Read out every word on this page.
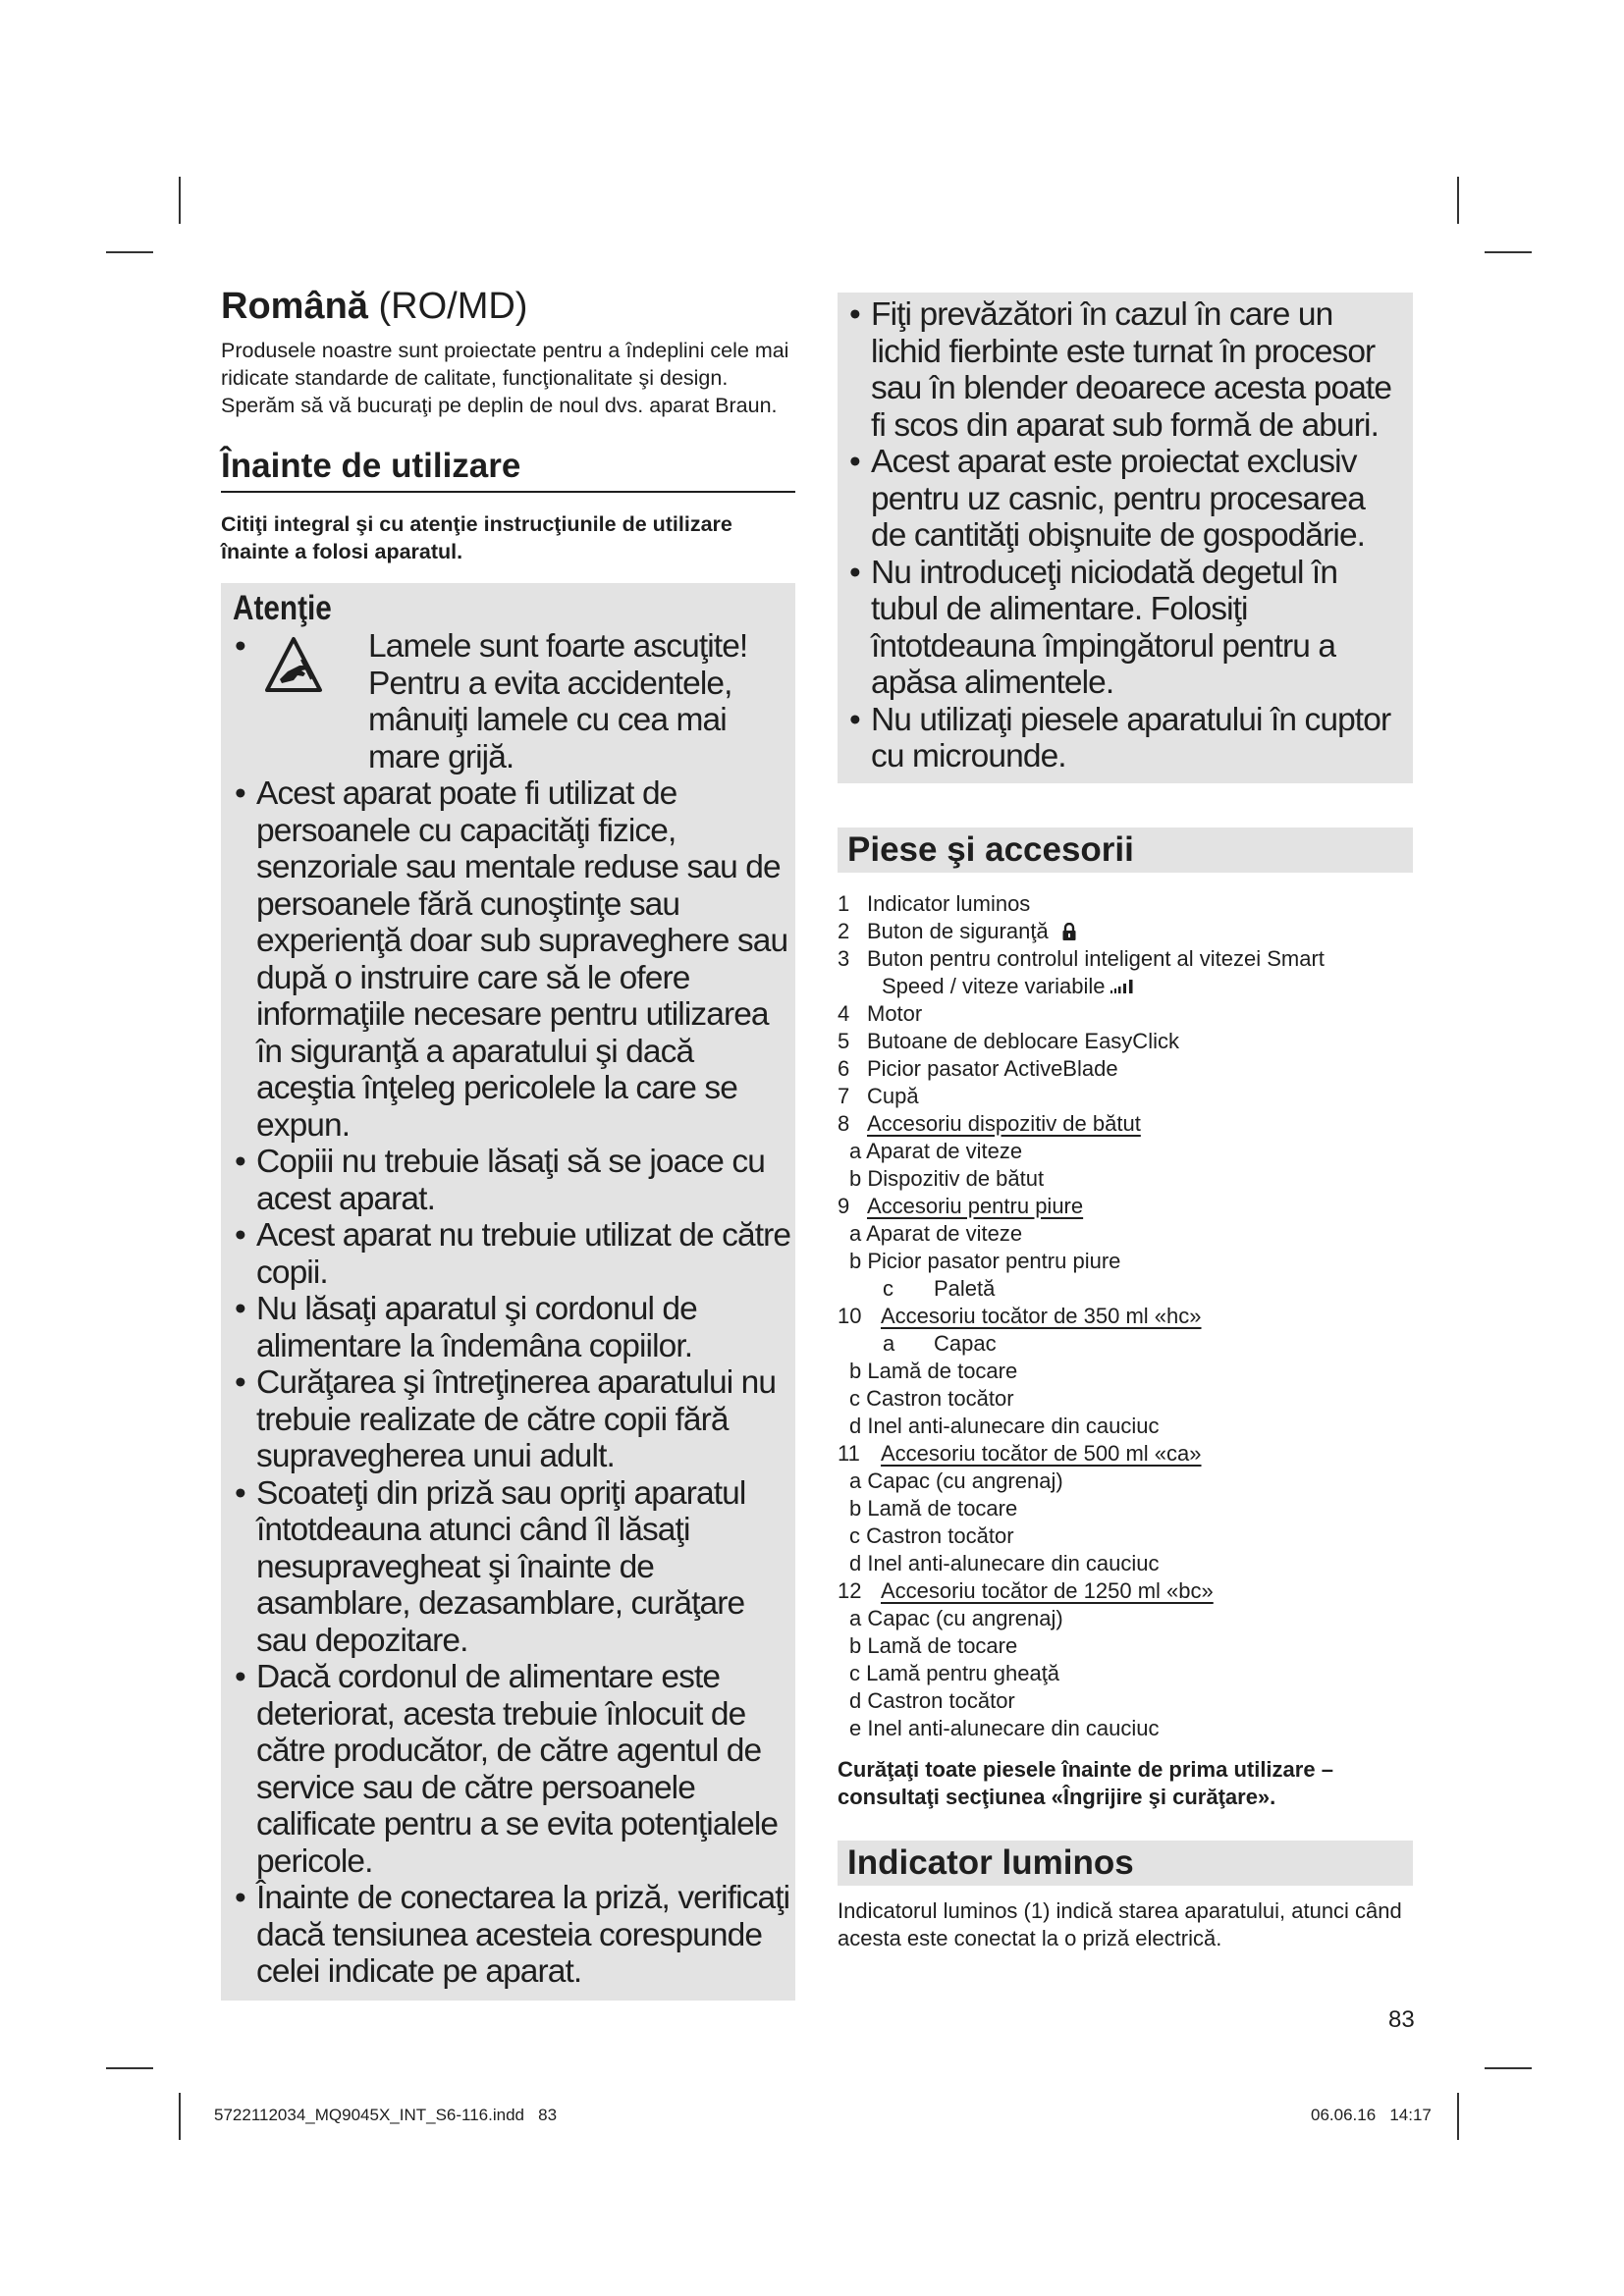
Română (RO/MD)
Produsele noastre sunt proiectate pentru a îndeplini cele mai ridicate standarde de calitate, funcţionalitate şi design. Sperăm să vă bucuraţi pe deplin de noul dvs. aparat Braun.
Înainte de utilizare
Citiţi integral şi cu atenţie instrucţiunile de utilizare înainte a folosi aparatul.
Atenţie
•	Lamele sunt foarte ascuţite! Pentru a evita accidentele, mânuiţi lamele cu cea mai mare grijă.
• Acest aparat poate fi utilizat de persoanele cu capacităţi fizice, senzoriale sau mentale reduse sau de persoanele fără cunoştinţe sau experienţă doar sub supraveghere sau după o instruire care să le ofere informaţiile necesare pentru utilizarea în siguranţă a aparatului şi dacă aceştia înţeleg pericolele la care se expun.
• Copiii nu trebuie lăsaţi să se joace cu acest aparat.
• Acest aparat nu trebuie utilizat de către copii.
• Nu lăsaţi aparatul şi cordonul de alimentare la îndemâna copiilor.
• Curăţarea şi întreţinerea aparatului nu trebuie realizate de către copii fără supravegherea unui adult.
• Scoateţi din priză sau opriţi aparatul întotdeauna atunci când îl lăsaţi nesupravegheat şi înainte de asamblare, dezasamblare, curăţare sau depozitare.
• Dacă cordonul de alimentare este deteriorat, acesta trebuie înlocuit de către producător, de către agentul de service sau de către persoanele calificate pentru a se evita potenţialele pericole.
• Înainte de conectarea la priză, verificaţi dacă tensiunea acesteia corespunde celei indicate pe aparat.
• Fiţi prevăzători în cazul în care un lichid fierbinte este turnat în procesor sau în blender deoarece acesta poate fi scos din aparat sub formă de aburi.
• Acest aparat este proiectat exclusiv pentru uz casnic, pentru procesarea de cantităţi obişnuite de gospodărie.
• Nu introduceţi niciodată degetul în tubul de alimentare. Folosiţi întotdeauna împingătorul pentru a apăsa alimentele.
• Nu utilizaţi piesele aparatului în cuptor cu microunde.
Piese şi accesorii
1 Indicator luminos
2 Buton de siguranţă
3 Buton pentru controlul inteligent al vitezei Smart
Speed / viteze variabile
4 Motor
5 Butoane de deblocare EasyClick
6 Picior pasator ActiveBlade
7 Cupă
8 Accesoriu dispozitiv de bătut
a Aparat de viteze
b Dispozitiv de bătut
9 Accesoriu pentru piure
a Aparat de viteze
b Picior pasator pentru piure
c Paletă
10 Accesoriu tocător de 350 ml «hc»
a Capac
b Lamă de tocare
c Castron tocător
d Inel anti-alunecare din cauciuc
11 Accesoriu tocător de 500 ml «ca»
a Capac (cu angrenaj)
b Lamă de tocare
c Castron tocător
d Inel anti-alunecare din cauciuc
12 Accesoriu tocător de 1250 ml «bc»
a Capac (cu angrenaj)
b Lamă de tocare
c Lamă pentru gheaţă
d Castron tocător
e Inel anti-alunecare din cauciuc
Curăţaţi toate piesele înainte de prima utilizare – consultaţi secţiunea «Îngrijire şi curăţare».
Indicator luminos
Indicatorul luminos (1) indică starea aparatului, atunci când acesta este conectat la o priză electrică.
83
5722112034_MQ9045X_INT_S6-116.indd   83	06.06.16   14:17
